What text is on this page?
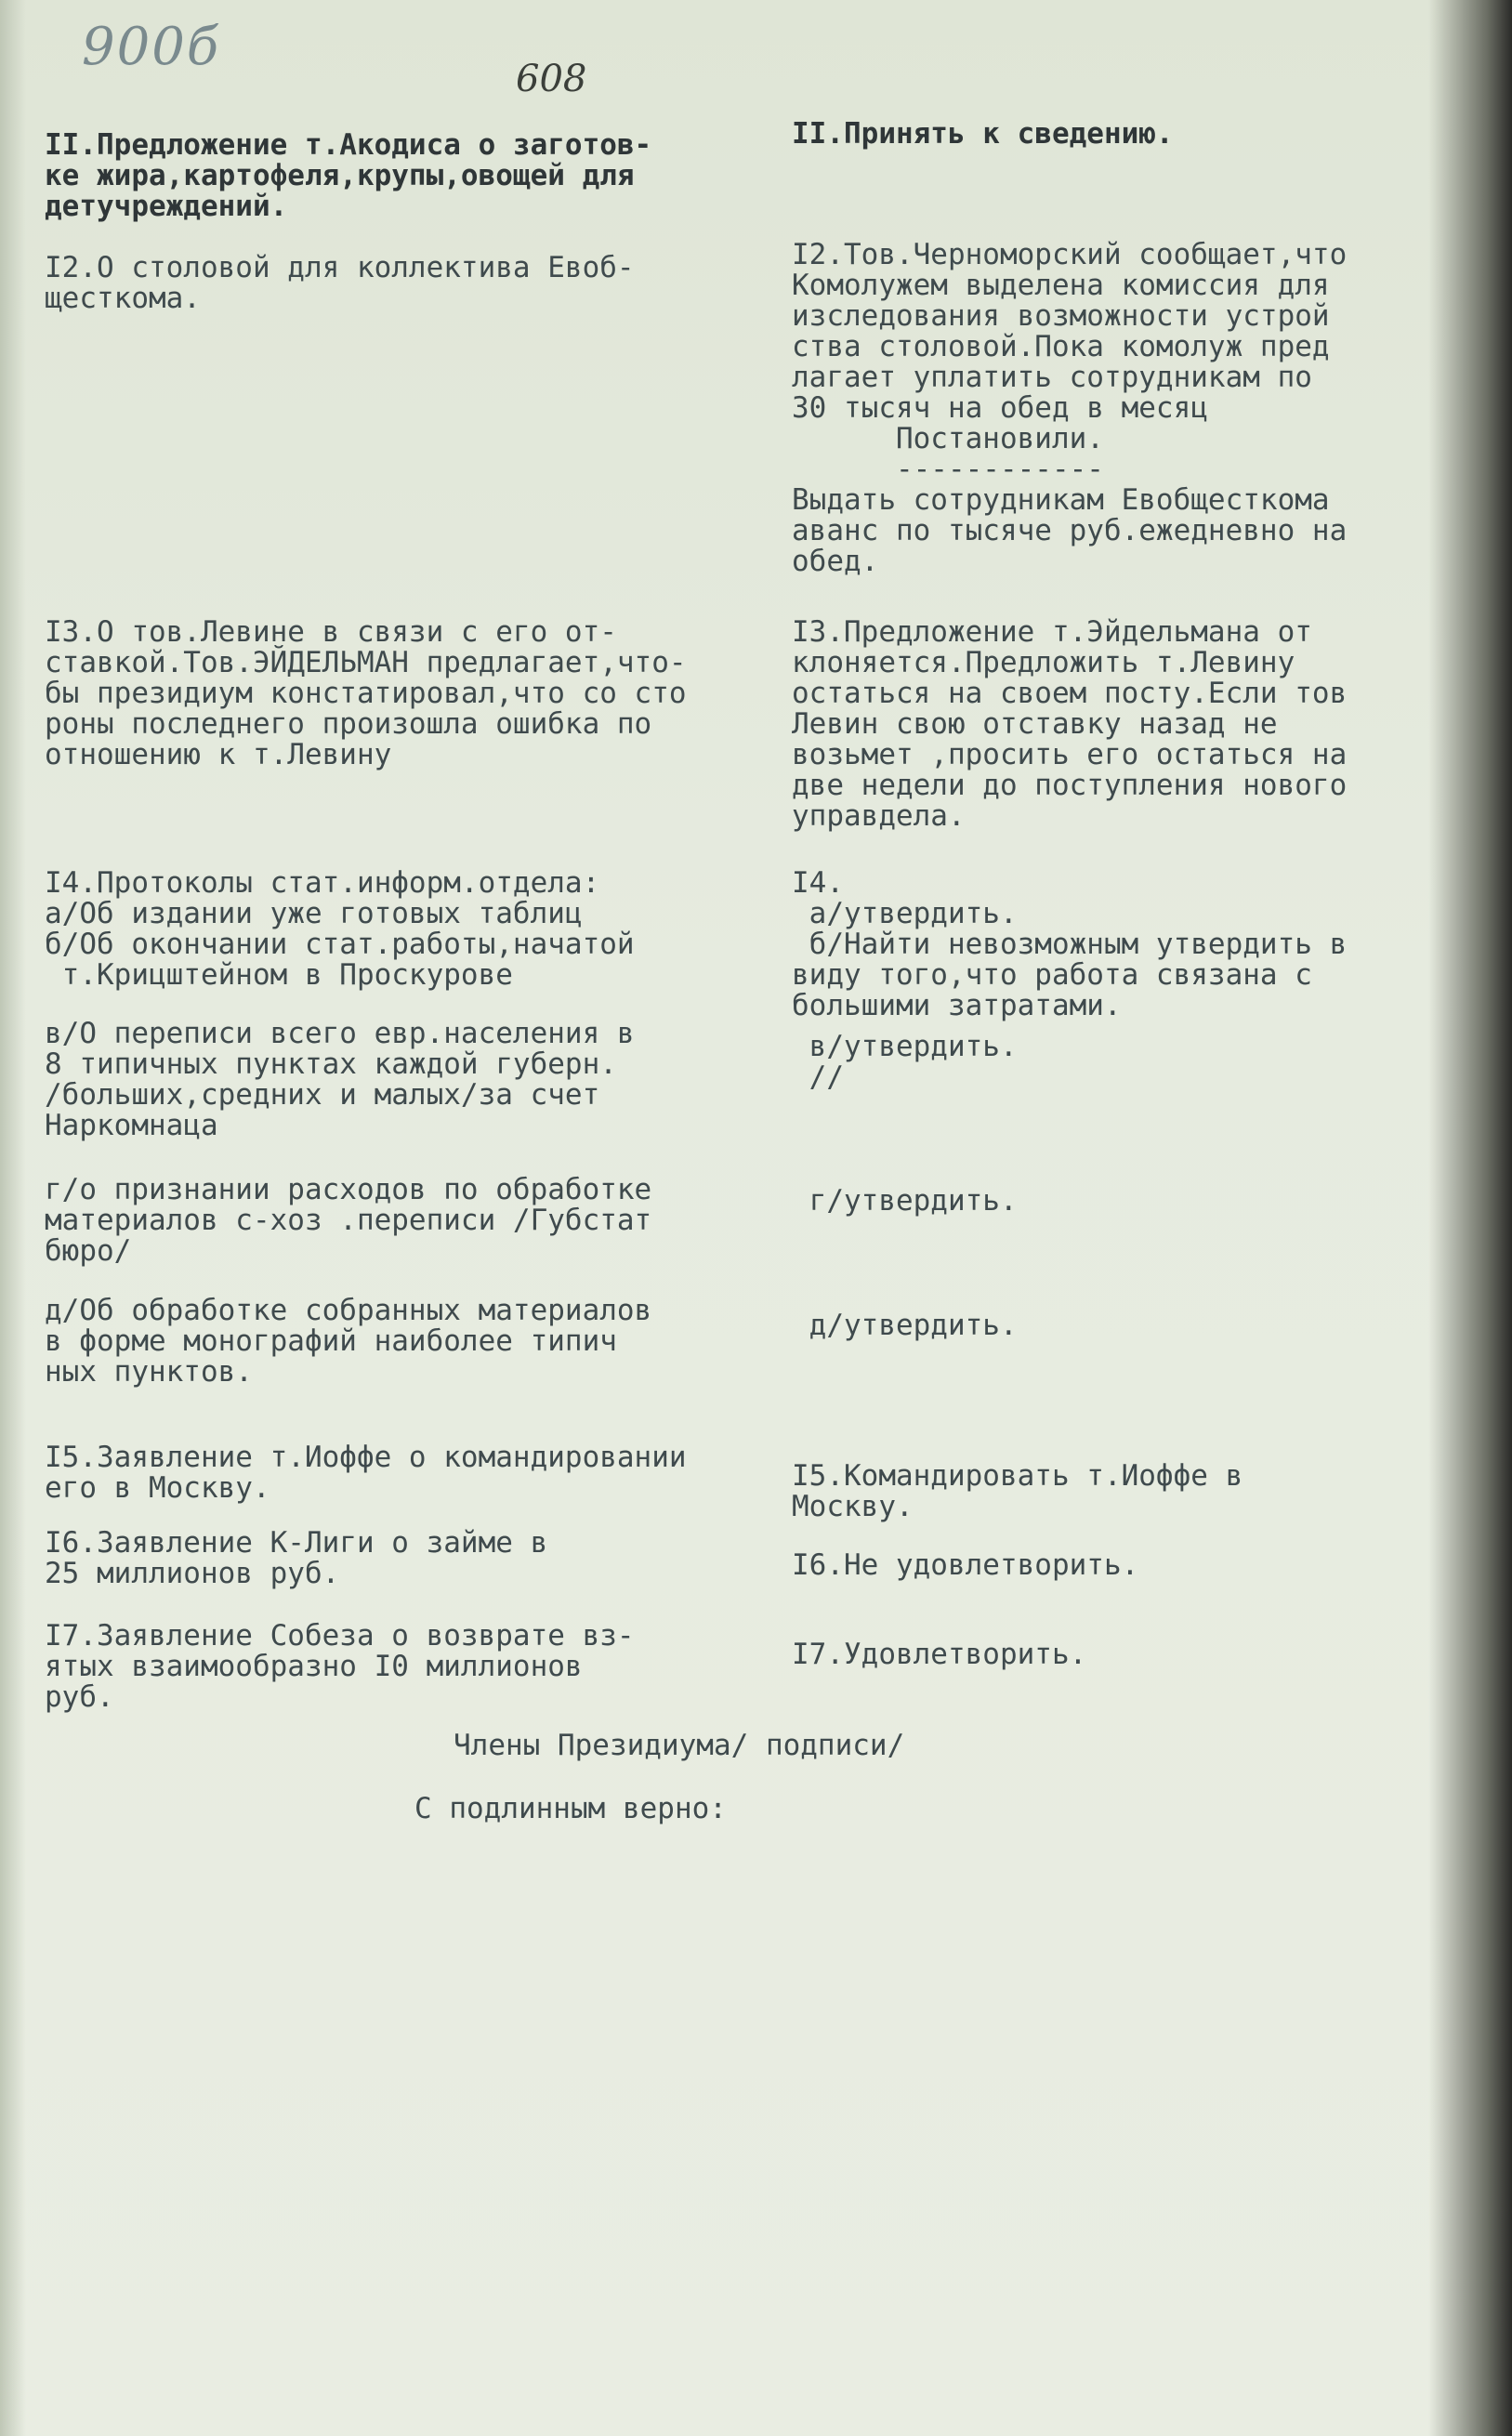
900б
608
II.Предложение т.Акодиса о заготов-
ке жира,картофеля,крупы,овощей для
детучреждений.
II.Принять к сведению.
I2.О столовой для коллектива Евоб-
щесткома.
I2.Тов.Черноморский сообщает,что
Комолужем выделена комиссия для
изследования возможности устрой
ства столовой.Пока комолуж пред
лагает уплатить сотрудникам по
30 тысяч на обед в месяц
Постановили.
------------
Выдать сотрудникам Евобщесткома
аванс по тысяче руб.ежедневно на
обед.
I3.О тов.Левине в связи с его от-
ставкой.Тов.ЭЙДЕЛЬМАН предлагает,что-
бы президиум констатировал,что со сто
роны последнего произошла ошибка по
отношению к т.Левину
I3.Предложение т.Эйдельмана от
клоняется.Предложить т.Левину
остаться на своем посту.Если тов
Левин свою отставку назад не
возьмет ,просить его остаться на
две недели до поступления нового
управдела.
I4.Протоколы стат.информ.отдела:
а/Об издании уже готовых таблиц
б/Об окончании стат.работы,начатой
т.Крицштейном в Проскурове
I4.
а/утвердить.
б/Найти невозможным утвердить в
виду того,что работа связана с
большими затратами.
в/О переписи всего евр.населения в
8 типичных пунктах каждой губерн.
/больших,средних и малых/за счет
Наркомнаца
в/утвердить.
//
г/о признании расходов по обработке
материалов с-хоз .переписи /Губстат
бюро/
г/утвердить.
д/Об обработке собранных материалов
в форме монографий наиболее типич
ных пунктов.
д/утвердить.
I5.Заявление т.Иоффе о командировании
его в Москву.	I5.Командировать т.Иоффе в
Москву.
I6.Заявление К-Лиги о займе в
25 миллионов руб.	I6.Не удовлетворить.
I7.Заявление Собеза о возврате вз-
ятых взаимообразно I0 миллионов
руб.
I7.Удовлетворить.
Члены Президиума/ подписи/
С подлинным верно:
